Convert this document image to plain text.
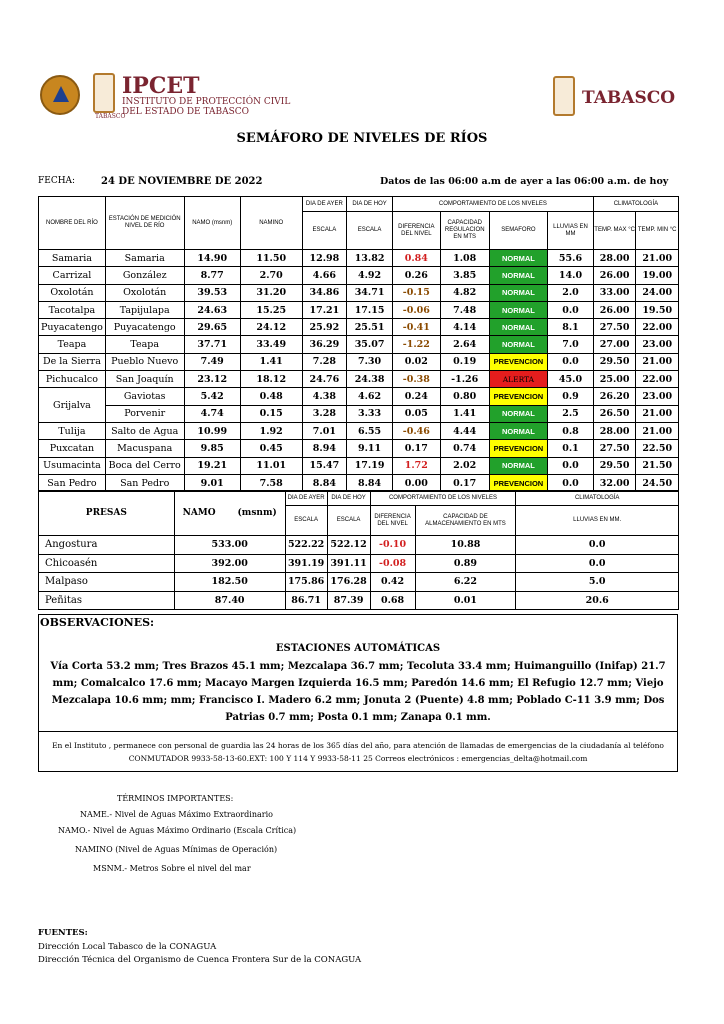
TABASCO
IPCET
INSTITUTO DE PROTECCIÓN CIVIL
DEL ESTADO DE TABASCO
TABASCO
SEMÁFORO DE NIVELES DE RÍOS
FECHA:	24 DE NOVIEMBRE DE 2022	Datos de las 06:00 a.m de ayer a las 06:00 a.m. de hoy
NOMBRE DEL RÍO	ESTACIÓN DE MEDICIÓN NIVEL DE RÍO	NAMO (msnm)	NAMINO	DIA DE AYER	DIA DE HOY	COMPORTAMIENTO DE LOS NIVELES				CLIMATOLOGÍA	
				ESCALA	ESCALA	DIFERENCIA DEL NIVEL	CAPACIDAD REGULACION EN MTS	SEMAFORO	LLUVIAS EN MM	TEMP. MAX °C	TEMP. MIN °C
Samaria	Samaria	14.90	11.50	12.98	13.82	0.84	1.08	NORMAL	55.6	28.00	21.00
Carrizal	González	8.77	2.70	4.66	4.92	0.26	3.85	NORMAL	14.0	26.00	19.00
Oxolotán	Oxolotán	39.53	31.20	34.86	34.71	-0.15	4.82	NORMAL	2.0	33.00	24.00
Tacotalpa	Tapijulapa	24.63	15.25	17.21	17.15	-0.06	7.48	NORMAL	0.0	26.00	19.50
Puyacatengo	Puyacatengo	29.65	24.12	25.92	25.51	-0.41	4.14	NORMAL	8.1	27.50	22.00
Teapa	Teapa	37.71	33.49	36.29	35.07	-1.22	2.64	NORMAL	7.0	27.00	23.00
De la Sierra	Pueblo Nuevo	7.49	1.41	7.28	7.30	0.02	0.19	PREVENCION	0.0	29.50	21.00
Pichucalco	San Joaquín	23.12	18.12	24.76	24.38	-0.38	-1.26	ALERTA	45.0	25.00	22.00
Grijalva	Gaviotas	5.42	0.48	4.38	4.62	0.24	0.80	PREVENCION	0.9	26.20	23.00
	Porvenir	4.74	0.15	3.28	3.33	0.05	1.41	NORMAL	2.5	26.50	21.00
Tulija	Salto de Agua	10.99	1.92	7.01	6.55	-0.46	4.44	NORMAL	0.8	28.00	21.00
Puxcatan	Macuspana	9.85	0.45	8.94	9.11	0.17	0.74	PREVENCION	0.1	27.50	22.50
Usumacinta	Boca del Cerro	19.21	11.01	15.47	17.19	1.72	2.02	NORMAL	0.0	29.50	21.50
San Pedro	San Pedro	9.01	7.58	8.84	8.84	0.00	0.17	PREVENCION	0.0	32.00	24.50
PRESAS	NAMO (msnm)	DIA DE AYER	DIA DE HOY	COMPORTAMIENTO DE LOS NIVELES		CLIMATOLOGÍA
		ESCALA	ESCALA	DIFERENCIA DEL NIVEL	CAPACIDAD DE ALMACENAMIENTO EN MTS	LLUVIAS EN MM.
Angostura	533.00	522.22	522.12	-0.10	10.88	0.0
Chicoasén	392.00	391.19	391.11	-0.08	0.89	0.0
Malpaso	182.50	175.86	176.28	0.42	6.22	5.0
Peñitas	87.40	86.71	87.39	0.68	0.01	20.6
OBSERVACIONES:
ESTACIONES AUTOMÁTICAS
Vía Corta 53.2 mm; Tres Brazos 45.1 mm; Mezcalapa 36.7 mm; Tecoluta 33.4 mm; Huimanguillo (Inifap) 21.7 mm; Comalcalco 17.6 mm; Macayo Margen Izquierda 16.5 mm; Paredón 14.6 mm; El Refugio 12.7 mm; Viejo Mezcalapa 10.6 mm; mm; Francisco I. Madero 6.2 mm; Jonuta 2 (Puente) 4.8 mm; Poblado C-11 3.9 mm; Dos Patrias 0.7 mm; Posta 0.1 mm; Zanapa 0.1 mm.
En el Instituto , permanece con personal de guardia las 24 horas de los 365 días del año, para atención de llamadas de emergencias de la ciudadanía al teléfono
CONMUTADOR 9933-58-13-60.EXT: 100 Y 114 Y 9933-58-11 25 Correos electrónicos : emergencias_delta@hotmail.com
TÉRMINOS IMPORTANTES:
NAME.- Nivel de Aguas Máximo Extraordinario
NAMO.- Nivel de Aguas Máximo Ordinario (Escala Crítica)
NAMINO (Nivel de Aguas Mínimas de Operación)
MSNM.- Metros Sobre el nivel del mar
FUENTES:
Dirección Local Tabasco de la CONAGUA
Dirección Técnica del Organismo de Cuenca Frontera Sur de la CONAGUA
